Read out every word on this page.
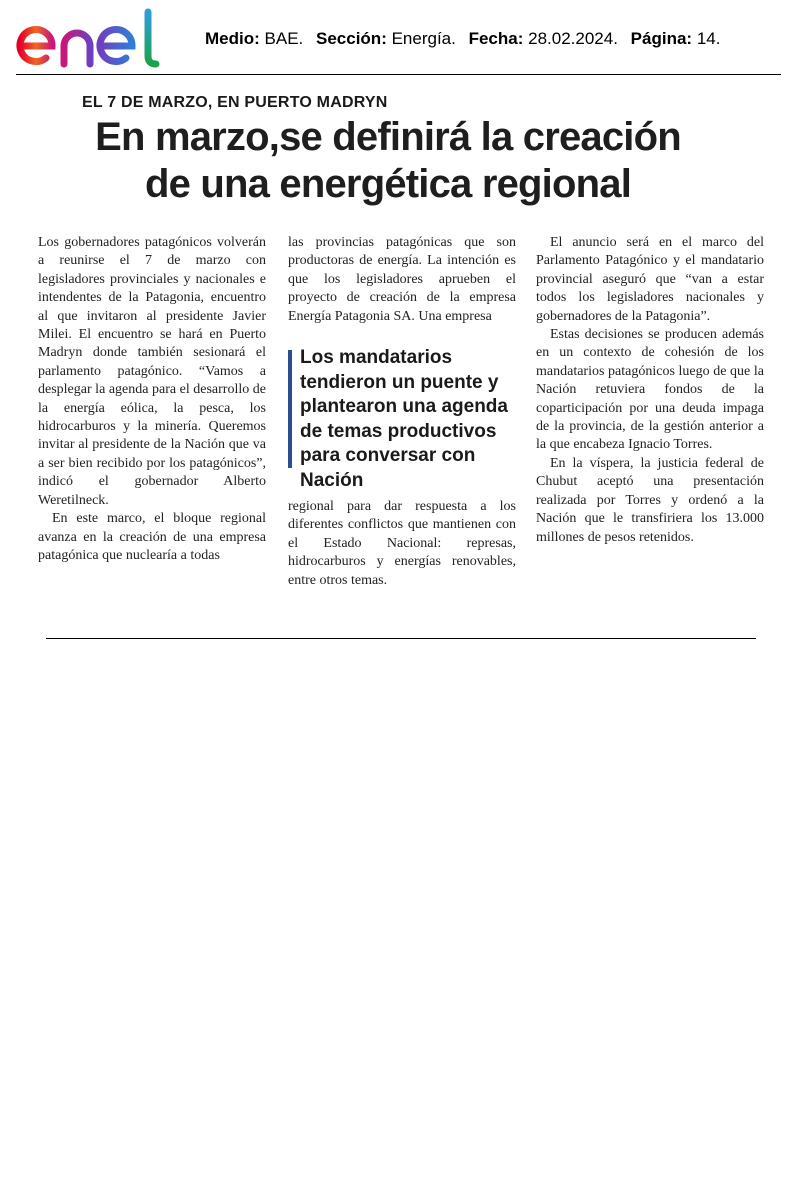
Medio: BAE. Sección: Energía. Fecha: 28.02.2024. Página: 14.
EL 7 DE MARZO, EN PUERTO MADRYN
En marzo,se definirá la creación
de una energética regional

Los gobernadores patagónicos volverán a reunirse el 7 de marzo con legisladores provinciales y nacionales e intendentes de la Patagonia, encuentro al que invitaron al presidente Javier Milei. El encuentro se hará en Puerto Madryn donde también sesionará el parlamento patagónico. “Vamos a desplegar la agenda para el desarrollo de la energía eólica, la pesca, los hidrocarburos y la minería. Queremos invitar al presidente de la Nación que va a ser bien recibido por los patagónicos”, indicó el gobernador Alberto Weretilneck.

En este marco, el bloque regional avanza en la creación de una empresa patagónica que nuclearía a todas

las provincias patagónicas que son productoras de energía. La intención es que los legisladores aprueben el proyecto de creación de la empresa Energía Patagonia SA. Una empresa

Los mandatarios tendieron un puente y plantearon una agenda de temas productivos para conversar con Nación

regional para dar respuesta a los diferentes conflictos que mantienen con el Estado Nacional: represas, hidrocarburos y energías renovables, entre otros temas.

El anuncio será en el marco del Parlamento Patagónico y el mandatario provincial aseguró que “van a estar todos los legisladores nacionales y gobernadores de la Patagonia”.

Estas decisiones se producen además en un contexto de cohesión de los mandatarios patagónicos luego de que la Nación retuviera fondos de la coparticipación por una deuda impaga de la provincia, de la gestión anterior a la que encabeza Ignacio Torres.

En la víspera, la justicia federal de Chubut aceptó una presentación realizada por Torres y ordenó a la Nación que le transfiriera los 13.000 millones de pesos retenidos.
